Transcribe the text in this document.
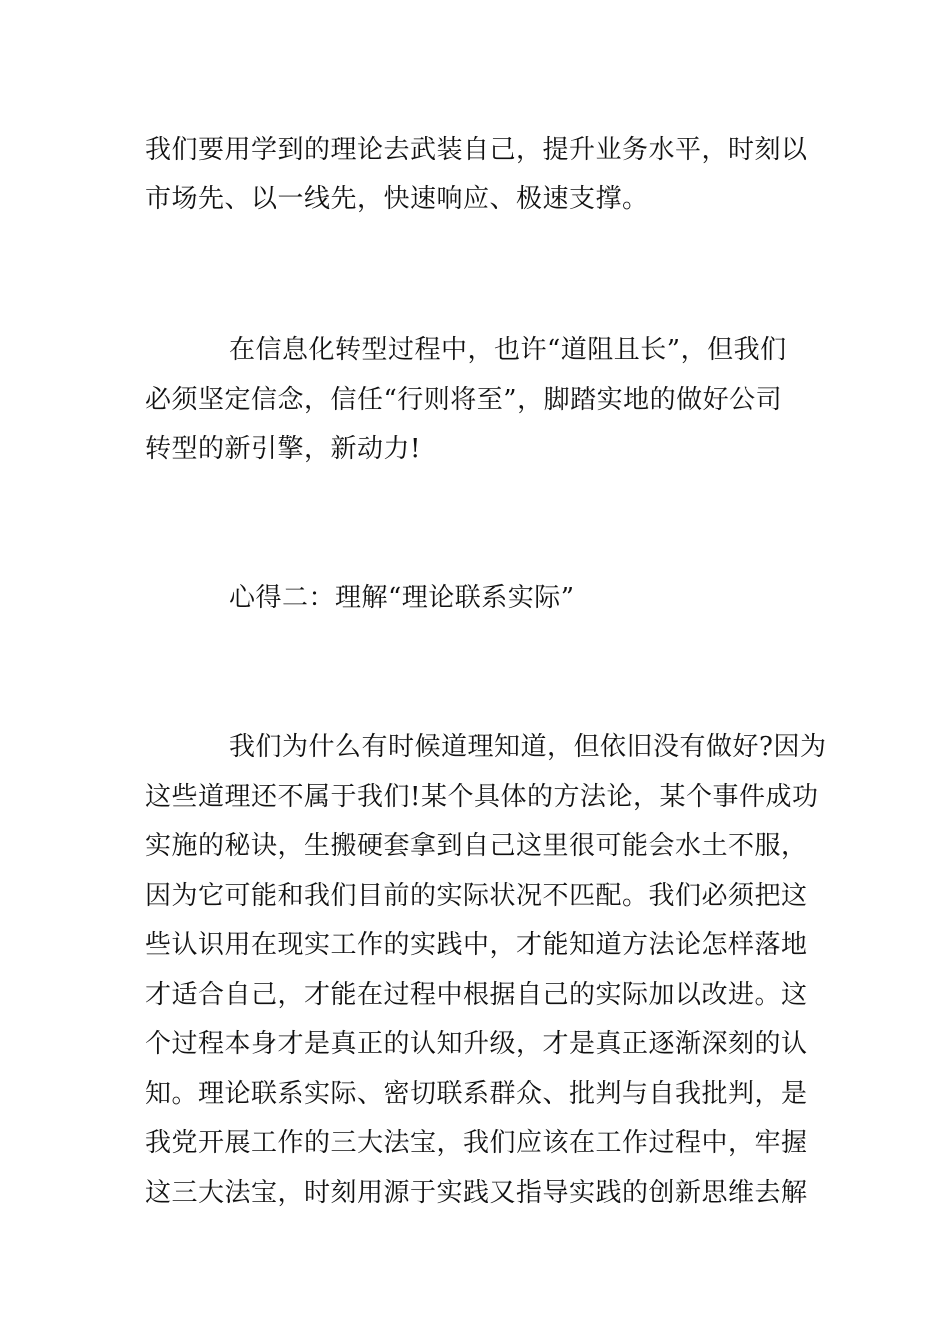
我们要用学到的理论去武装自己，提升业务水平，时刻以
市场先、以一线先，快速响应、极速支撑。
在信息化转型过程中，也许“道阻且长”，但我们
必须坚定信念，信任“行则将至”，脚踏实地的做好公司
转型的新引擎，新动力!
心得二：理解“理论联系实际”
我们为什么有时候道理知道，但依旧没有做好?因为
这些道理还不属于我们!某个具体的方法论，某个事件成功
实施的秘诀，生搬硬套拿到自己这里很可能会水土不服，
因为它可能和我们目前的实际状况不匹配。我们必须把这
些认识用在现实工作的实践中，才能知道方法论怎样落地
才适合自己，才能在过程中根据自己的实际加以改进。这
个过程本身才是真正的认知升级，才是真正逐渐深刻的认
知。理论联系实际、密切联系群众、批判与自我批判，是
我党开展工作的三大法宝，我们应该在工作过程中，牢握
这三大法宝，时刻用源于实践又指导实践的创新思维去解
